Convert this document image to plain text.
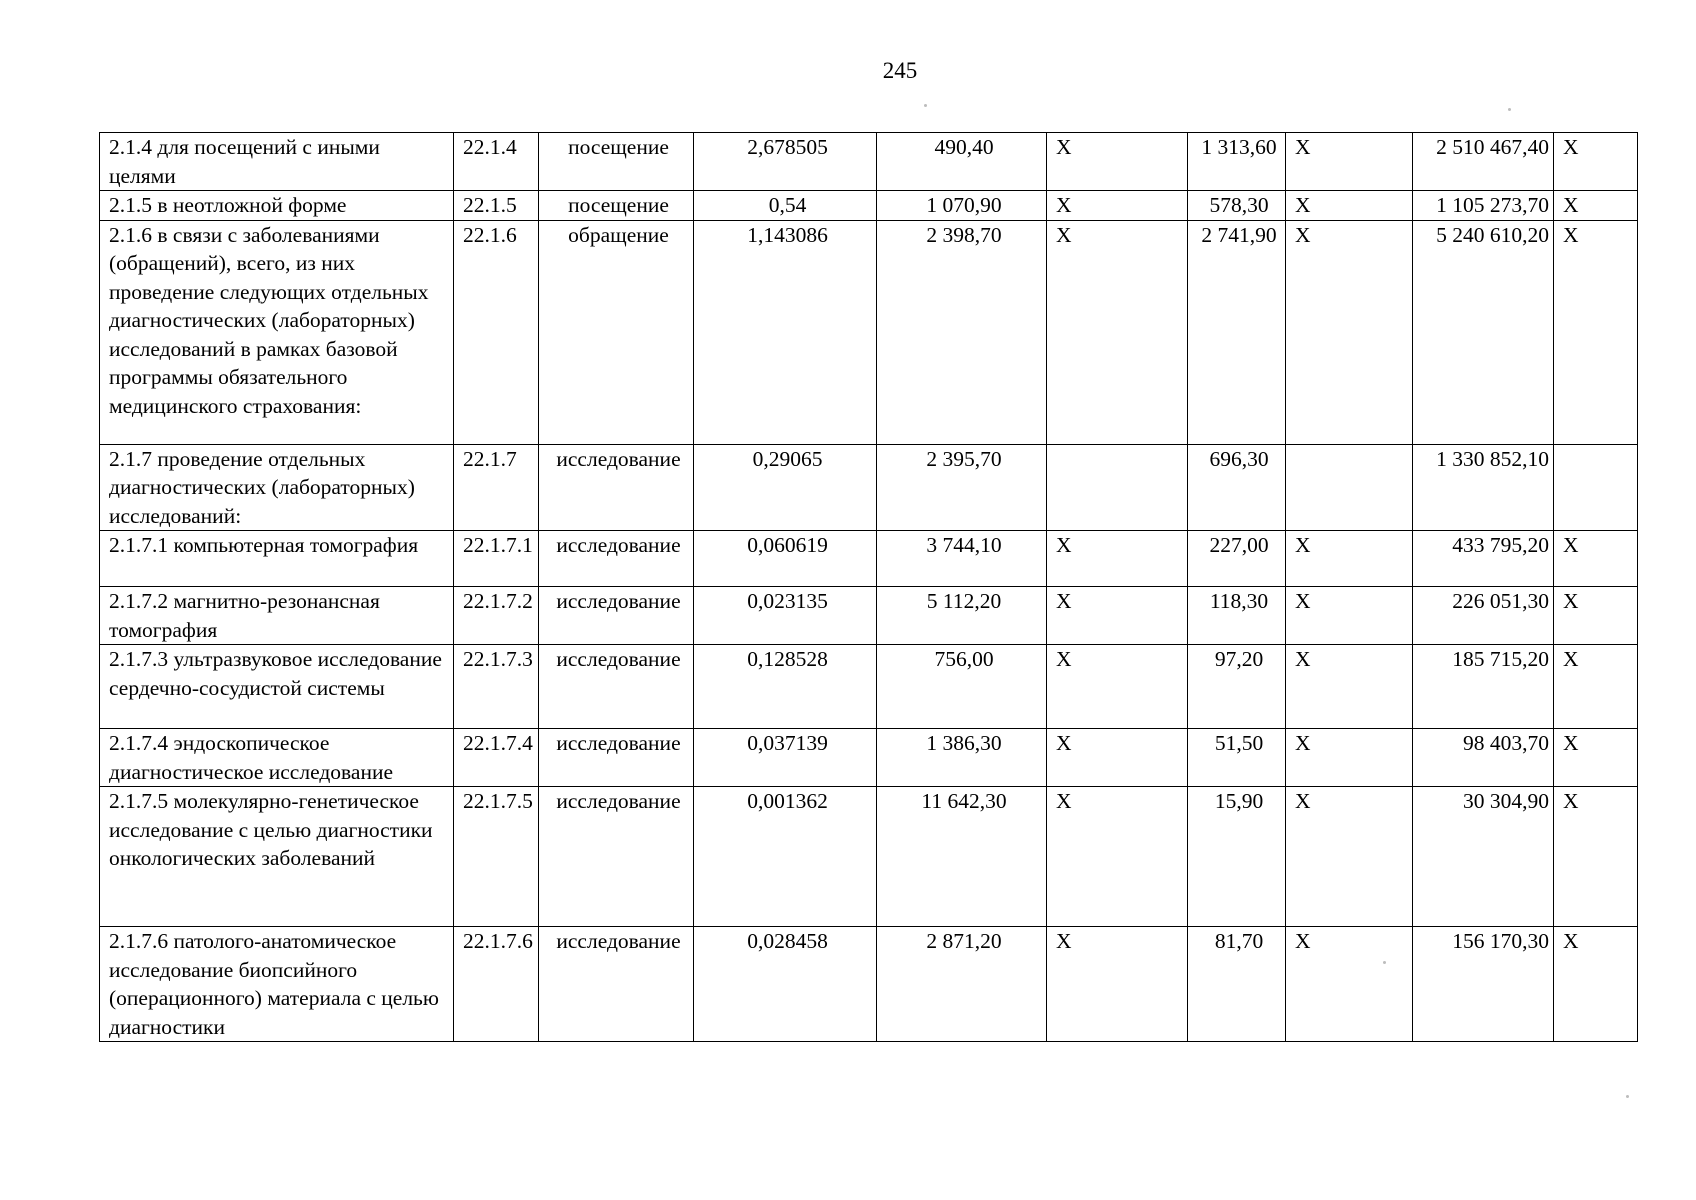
245
2.1.4 для посещений с иными целями	22.1.4	посещение	2,678505	490,40	X	1 313,60	X	2 510 467,40	X
2.1.5 в неотложной форме	22.1.5	посещение	0,54	1 070,90	X	578,30	X	1 105 273,70	X
2.1.6 в связи с заболеваниями (обращений), всего, из них проведение следующих отдельных диагностических (лабораторных) исследований в рамках базовой программы обязательного медицинского страхования:	22.1.6	обращение	1,143086	2 398,70	X	2 741,90	X	5 240 610,20	X
2.1.7 проведение отдельных диагностических (лабораторных) исследований:	22.1.7	исследование	0,29065	2 395,70		696,30		1 330 852,10	
2.1.7.1 компьютерная томография	22.1.7.1	исследование	0,060619	3 744,10	X	227,00	X	433 795,20	X
2.1.7.2 магнитно-резонансная томография	22.1.7.2	исследование	0,023135	5 112,20	X	118,30	X	226 051,30	X
2.1.7.3 ультразвуковое исследование сердечно-сосудистой системы	22.1.7.3	исследование	0,128528	756,00	X	97,20	X	185 715,20	X
2.1.7.4 эндоскопическое диагностическое исследование	22.1.7.4	исследование	0,037139	1 386,30	X	51,50	X	98 403,70	X
2.1.7.5 молекулярно-генетическое исследование с целью диагностики онкологических заболеваний	22.1.7.5	исследование	0,001362	11 642,30	X	15,90	X	30 304,90	X
2.1.7.6 патолого-анатомическое исследование биопсийного (операционного) материала с целью диагностики	22.1.7.6	исследование	0,028458	2 871,20	X	81,70	X	156 170,30	X
